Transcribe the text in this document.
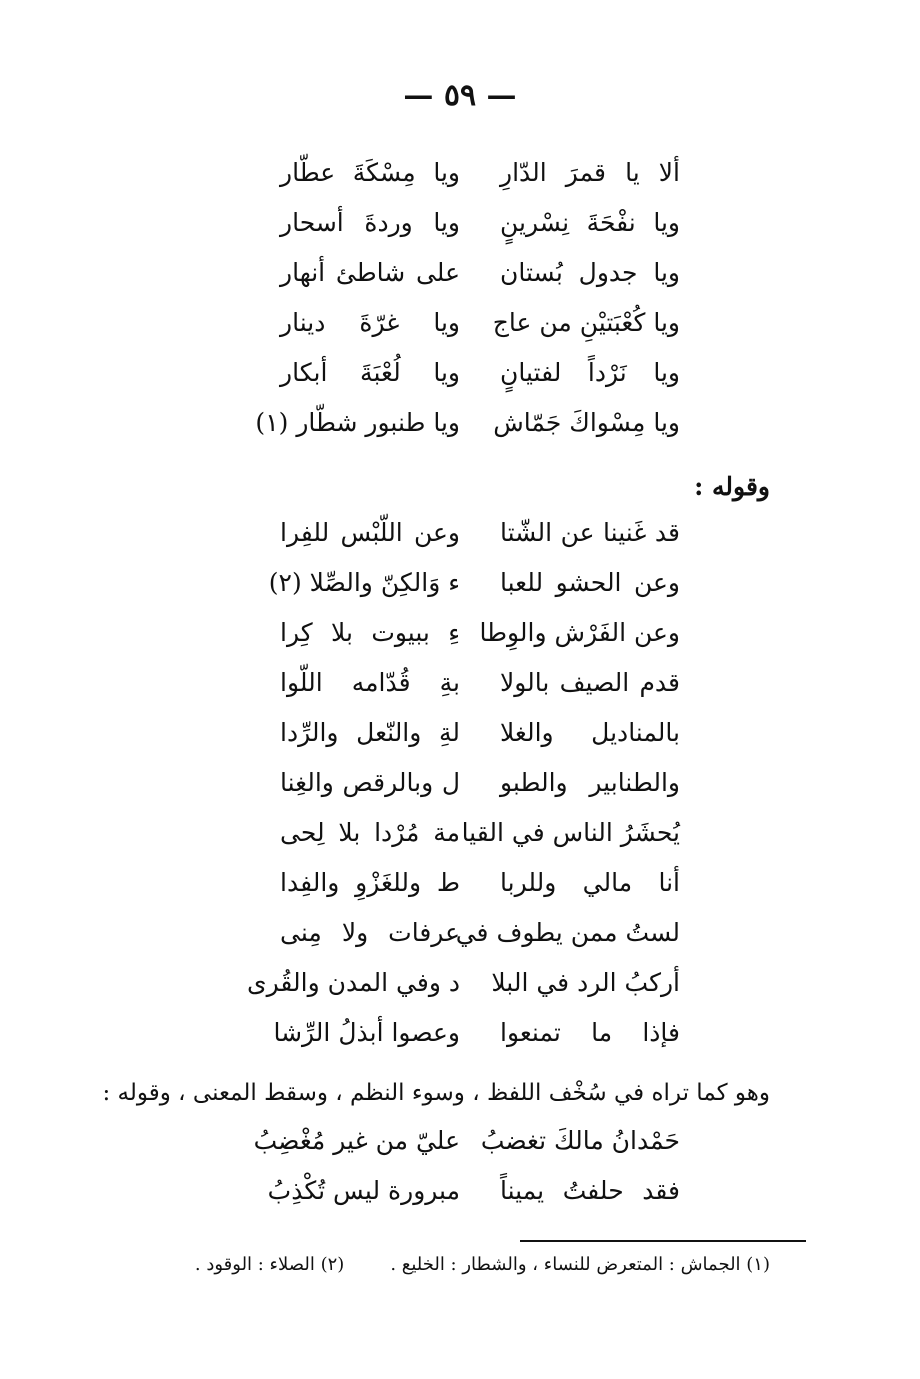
— ٥٩ —
ألا يا قمرَ الدّارِ
ويا مِسْكَةَ عطّار
ويا نفْحَةَ نِسْرينٍ
ويا وردةَ أسحار
ويا جدول بُستان
على شاطئ أنهار
ويا كُعْبَتيْنِ من عاج
ويا غرّةَ دينار
ويا نَرْداً لفتيانٍ
ويا لُعْبَةَ أبكار
ويا مِسْواكَ جَمّاش
ويا طنبور شطّار (١)
وقوله :
قد غَنينا عن الشّتا
وعن اللّبْس للفِرا
وعن الحشو للعبا
ء وَالكِنّ والصِّلا (٢)
وعن الفَرْش والوِطا
ءِ ببيوت بلا كِرا
قدم الصيف بالولا
بةِ قُدّامه اللّوا
بالمناديل والغلا
لةِ والنّعل والرِّدا
والطنابير والطبو
ل وبالرقص والغِنا
يُحشَرُ الناس في القيا
مة مُرْدا بلا لِحى
أنا مالي وللربا
ط وللغَزْوِ والفِدا
لستُ ممن يطوف في
عرفات ولا مِنى
أركبُ الرد في البلا
د وفي المدن والقُرى
فإذا ما تمنعوا
وعصوا أبذلُ الرِّشا
وهو كما تراه في سُخْف اللفظ ، وسوء النظم ، وسقط المعنى ، وقوله :
حَمْدانُ مالكَ تغضبُ
عليّ من غير مُغْضِبُ
فقد حلفتُ يميناً
مبرورة ليس تُكْذِبُ
(١) الجماش : المتعرض للنساء ، والشطار : الخليع .
(٢) الصلاء : الوقود .
